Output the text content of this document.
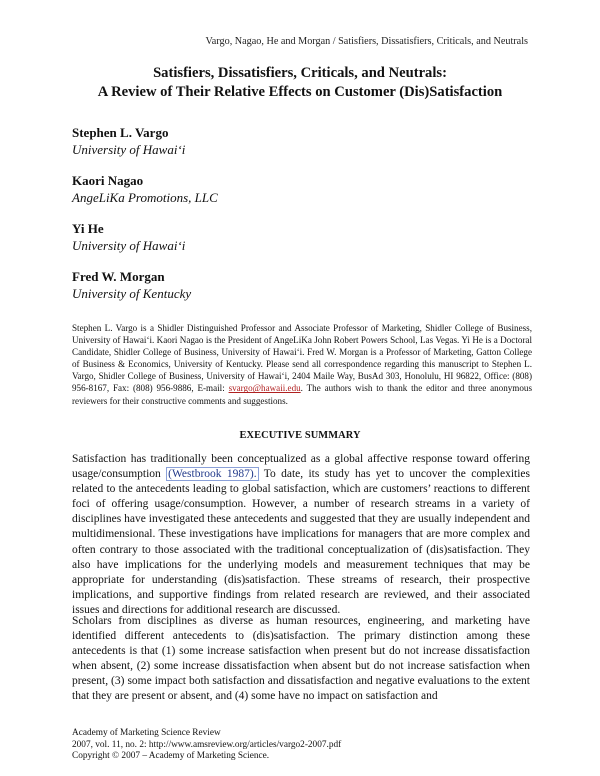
Vargo, Nagao, He and Morgan / Satisfiers, Dissatisfiers, Criticals, and Neutrals
Satisfiers, Dissatisfiers, Criticals, and Neutrals:
A Review of Their Relative Effects on Customer (Dis)Satisfaction
Stephen L. Vargo
University of Hawai‘i
Kaori Nagao
AngeLiKa Promotions, LLC
Yi He
University of Hawai‘i
Fred W. Morgan
University of Kentucky
Stephen L. Vargo is a Shidler Distinguished Professor and Associate Professor of Marketing, Shidler College of Business, University of Hawai‘i. Kaori Nagao is the President of AngeLiKa John Robert Powers School, Las Vegas. Yi He is a Doctoral Candidate, Shidler College of Business, University of Hawai‘i. Fred W. Morgan is a Professor of Marketing, Gatton College of Business & Economics, University of Kentucky. Please send all correspondence regarding this manuscript to Stephen L. Vargo, Shidler College of Business, University of Hawai‘i, 2404 Maile Way, BusAd 303, Honolulu, HI 96822, Office: (808) 956-8167, Fax: (808) 956-9886, E-mail: svargo@hawaii.edu. The authors wish to thank the editor and three anonymous reviewers for their constructive comments and suggestions.
EXECUTIVE SUMMARY
Satisfaction has traditionally been conceptualized as a global affective response toward offering usage/consumption (Westbrook 1987). To date, its study has yet to uncover the complexities related to the antecedents leading to global satisfaction, which are customers’ reactions to different foci of offering usage/consumption. However, a number of research streams in a variety of disciplines have investigated these antecedents and suggested that they are usually independent and multidimensional. These investigations have implications for managers that are more complex and often contrary to those associated with the traditional conceptualization of (dis)satisfaction. They also have implications for the underlying models and measurement techniques that may be appropriate for understanding (dis)satisfaction. These streams of research, their prospective implications, and supportive findings from related research are reviewed, and their associated issues and directions for additional research are discussed.
Scholars from disciplines as diverse as human resources, engineering, and marketing have identified different antecedents to (dis)satisfaction. The primary distinction among these antecedents is that (1) some increase satisfaction when present but do not increase dissatisfaction when absent, (2) some increase dissatisfaction when absent but do not increase satisfaction when present, (3) some impact both satisfaction and dissatisfaction and negative evaluations to the extent that they are present or absent, and (4) some have no impact on satisfaction and
Academy of Marketing Science Review
2007, vol. 11, no. 2: http://www.amsreview.org/articles/vargo2-2007.pdf
Copyright © 2007 – Academy of Marketing Science.
